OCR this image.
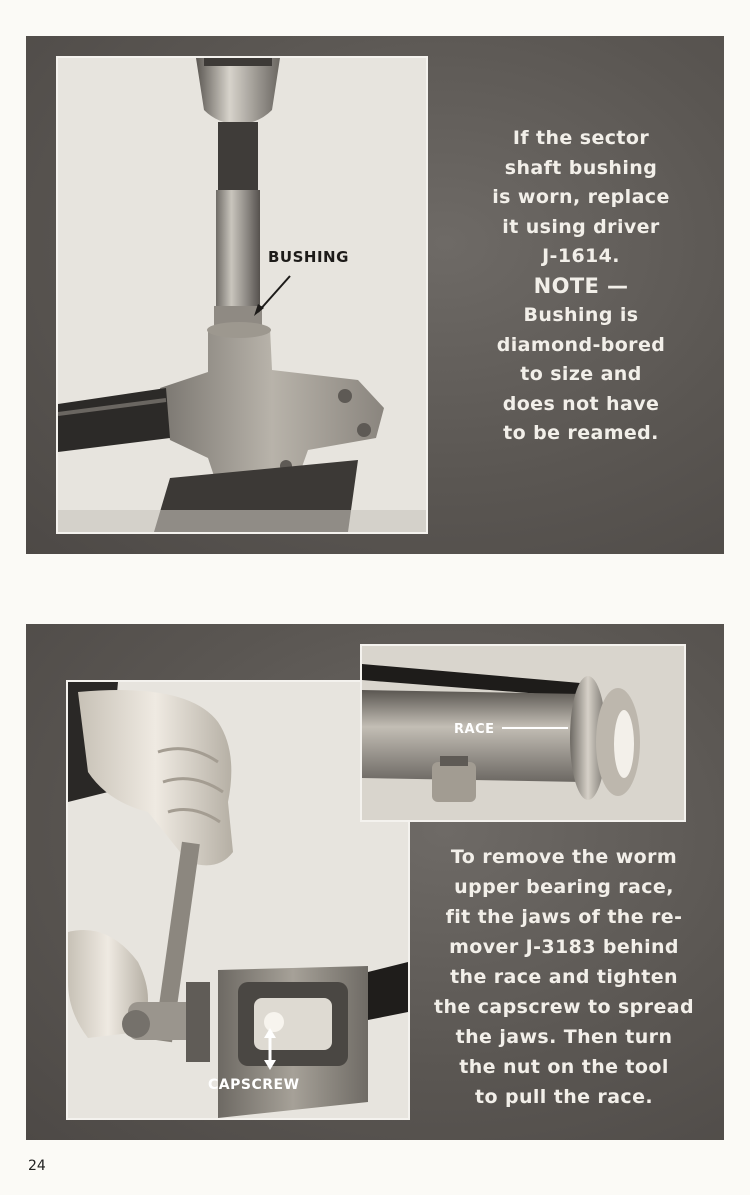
BUSHING
If the sector
shaft bushing
is worn, replace
it using driver
J-1614.
NOTE —
Bushing is
diamond-bored
to size and
does not have
to be reamed.
CAPSCREW
RACE
To remove the worm
upper bearing race,
fit the jaws of the re-
mover J-3183 behind
the race and tighten
the capscrew to spread
the jaws. Then turn
the nut on the tool
to pull the race.
24
